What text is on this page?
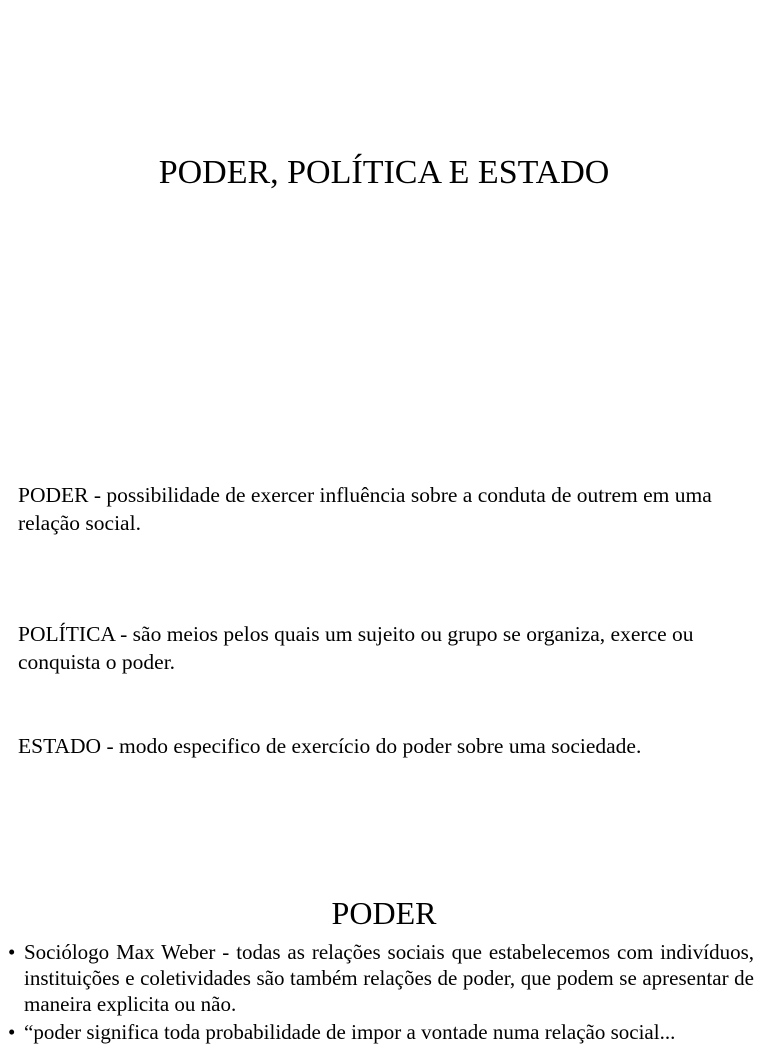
PODER, POLÍTICA E ESTADO

PODER - possibilidade de exercer influência sobre a conduta de outrem em uma relação social.

POLÍTICA - são meios pelos quais um sujeito ou grupo se organiza, exerce ou conquista o poder.

ESTADO - modo especifico de exercício do poder sobre uma sociedade.

PODER
• Sociólogo Max Weber - todas as relações sociais que estabelecemos com indivíduos, instituições e coletividades são também relações de poder, que podem se apresentar de maneira explicita ou não.
• “poder significa toda probabilidade de impor a vontade numa relação social...
